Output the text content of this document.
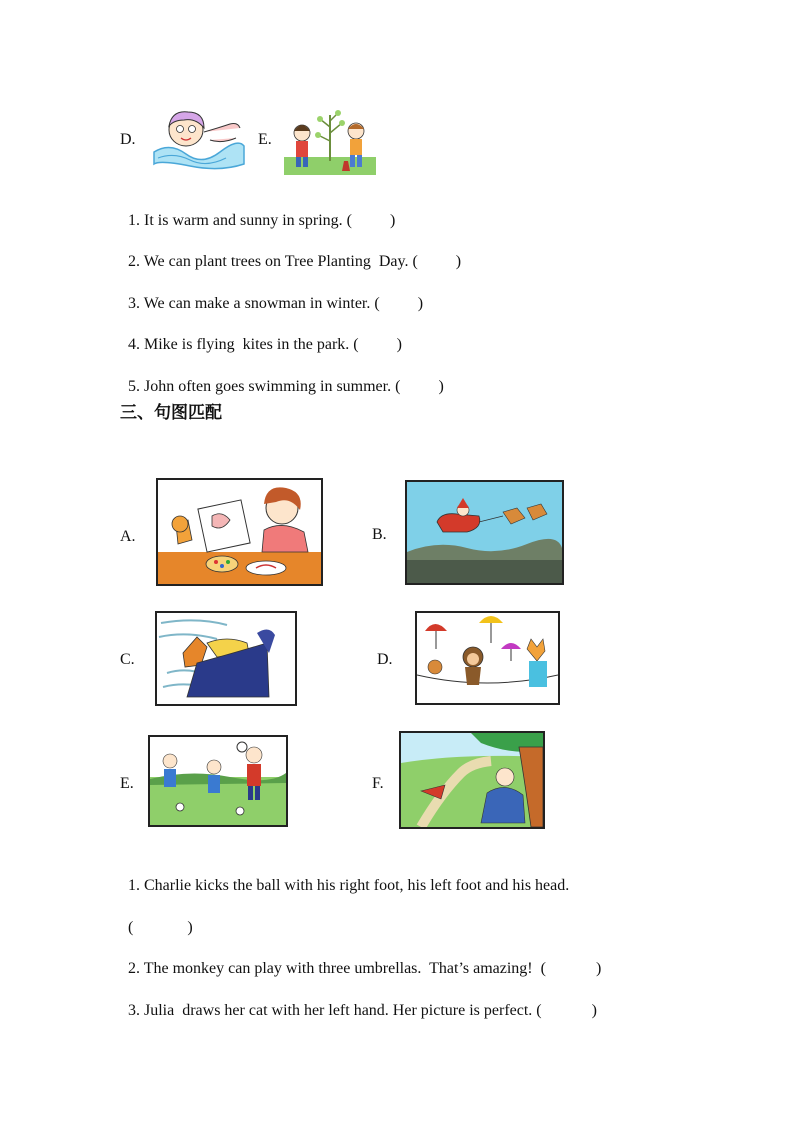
D.	E.

1. It is warm and sunny in spring. ( )

2. We can plant trees on Tree Planting  Day. ( )

3. We can make a snowman in winter. ( )

4. Mike is flying  kites in the park. ( )

5. John often goes swimming in summer. ( )

三、句图匹配
A.	B.
C.	D.
E.	F.

1. Charlie kicks the ball with his right foot, his left foot and his head.

(	)

2. The monkey can play with three umbrellas.  That’s amazing!  (	)

3. Julia  draws her cat with her left hand. Her picture is perfect. (	)
